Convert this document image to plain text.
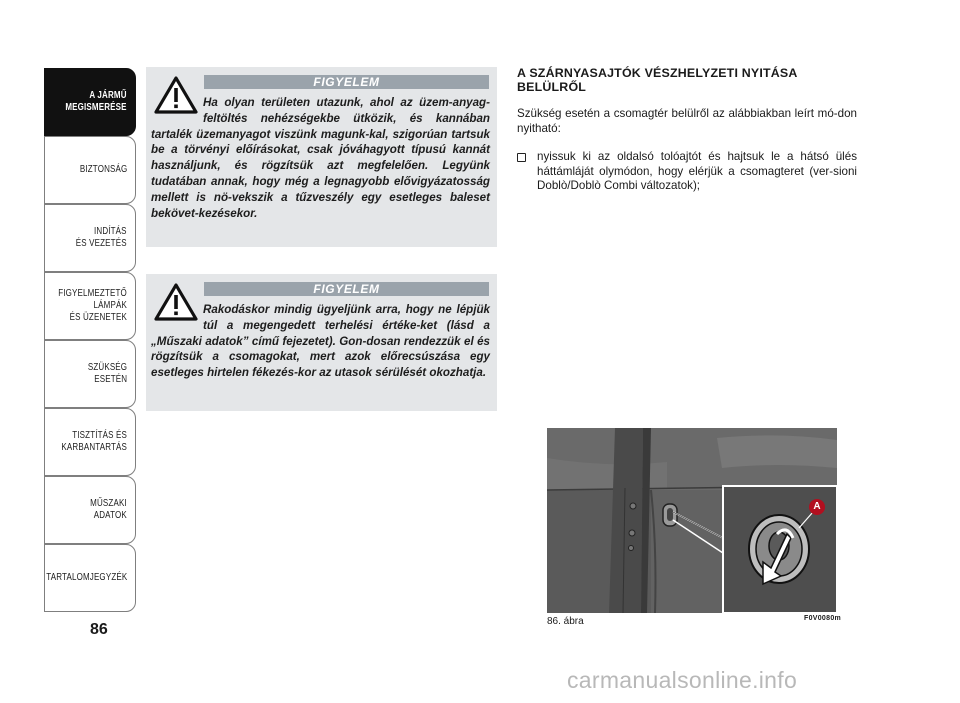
A JÁRMŰ
MEGISMERÉSE
BIZTONSÁG
INDÍTÁS
ÉS VEZETÉS
FIGYELMEZTETŐ
LÁMPÁK
ÉS ÜZENETEK
SZÜKSÉG
ESETÉN
TISZTÍTÁS ÉS
KARBANTARTÁS
MŰSZAKI
ADATOK
TARTALOMJEGYZÉK
86
FIGYELEM
Ha olyan területen utazunk, ahol az üzem-anyag-feltöltés nehézségekbe ütközik, és kannában tartalék üzemanyagot viszünk magunk-kal, szigorúan tartsuk be a törvényi előírásokat, csak jóváhagyott típusú kannát használjunk, és rögzítsük azt megfelelően. Legyünk tudatában annak, hogy még a legnagyobb elővigyázatosság mellett is nö-vekszik a tűzveszély egy esetleges baleset bekövet-kezésekor.
FIGYELEM
Rakodáskor mindig ügyeljünk arra, hogy ne lépjük túl a megengedett terhelési értéke-ket (lásd a „Műszaki adatok” című fejezetet). Gon-dosan rendezzük el és rögzítsük a csomagokat, mert azok előrecsúszása egy esetleges hirtelen fékezés-kor az utasok sérülését okozhatja.
A SZÁRNYASAJTÓK VÉSZHELYZETI NYITÁSA BELÜLRŐL
Szükség esetén a csomagtér belülről az alábbiakban leírt mó-don nyitható:
nyissuk ki az oldalsó tolóajtót és hajtsuk le a hátsó ülés háttámláját olymódon, hogy elérjük a csomagteret (ver-sioni Doblò/Doblò Combi változatok);
A
86. ábra	F0V0080m
carmanualsonline.info
